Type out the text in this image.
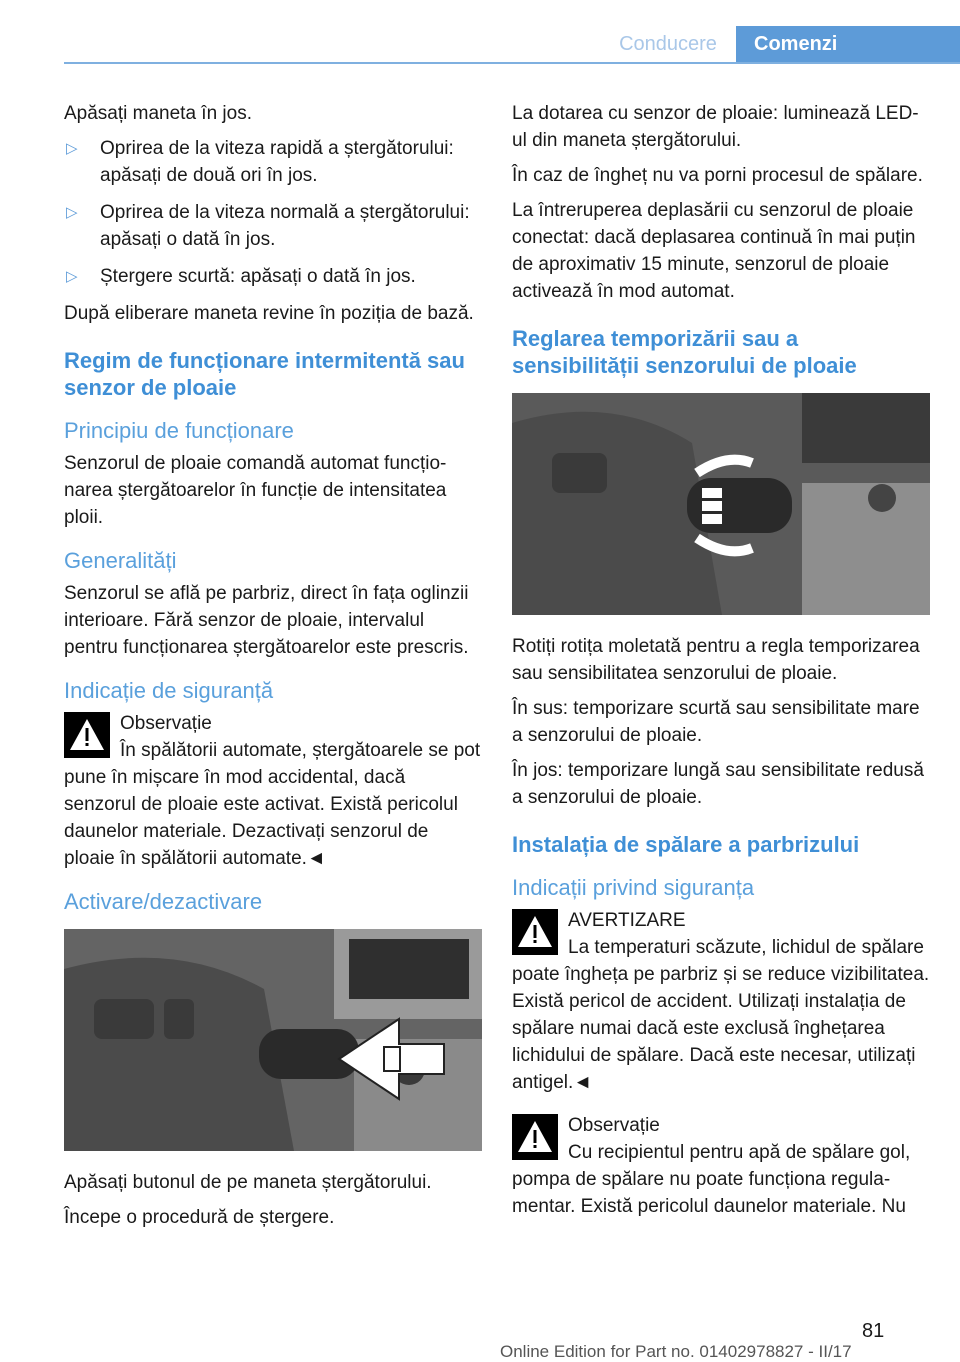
Conducere	Comenzi

Apăsați maneta în jos.

▷ Oprirea de la viteza rapidă a ștergătorului: apăsați de două ori în jos.
▷ Oprirea de la viteza normală a ștergătorului: apăsați o dată în jos.
▷ Ștergere scurtă: apăsați o dată în jos.

După eliberare maneta revine în poziția de bază.

Regim de funcționare intermitentă sau senzor de ploaie
Principiu de funcționare

Senzorul de ploaie comandă automat funcționarea ștergătoarelor în funcție de intensitatea ploii.

Generalități

Senzorul se află pe parbriz, direct în fața oglinzii interioare. Fără senzor de ploaie, intervalul pentru funcționarea ștergătoarelor este prescris.

Indicație de siguranță

Observație

În spălătorii automate, ștergătoarele se pot pune în mișcare în mod accidental, dacă senzorul de ploaie este activat. Există pericolul daunelor materiale. Dezactivați senzorul de ploaie în spălătorii automate.◄

Activare/dezactivare

Apăsați butonul de pe maneta ștergătorului.

Începe o procedură de ștergere.

La dotarea cu senzor de ploaie: luminează LED-ul din maneta ștergătorului.

În caz de îngheț nu va porni procesul de spălare.

La întreruperea deplasării cu senzorul de ploaie conectat: dacă deplasarea continuă în mai puțin de aproximativ 15 minute, senzorul de ploaie activează în mod automat.

Reglarea temporizării sau a sensibilității senzorului de ploaie

Rotiți rotița moletată pentru a regla temporizarea sau sensibilitatea senzorului de ploaie.

În sus: temporizare scurtă sau sensibilitate mare a senzorului de ploaie.

În jos: temporizare lungă sau sensibilitate redusă a senzorului de ploaie.

Instalația de spălare a parbrizului
Indicații privind siguranța

AVERTIZARE

La temperaturi scăzute, lichidul de spălare poate îngheța pe parbriz și se reduce vizibilitatea. Există pericol de accident. Utilizați instalația de spălare numai dacă este exclusă înghețarea lichidului de spălare. Dacă este necesar, utilizați antigel.◄

Observație

Cu recipientul pentru apă de spălare gol, pompa de spălare nu poate funcționa regulamentar. Există pericolul daunelor materiale. Nu

Online Edition for Part no. 01402978827 - II/17
81
